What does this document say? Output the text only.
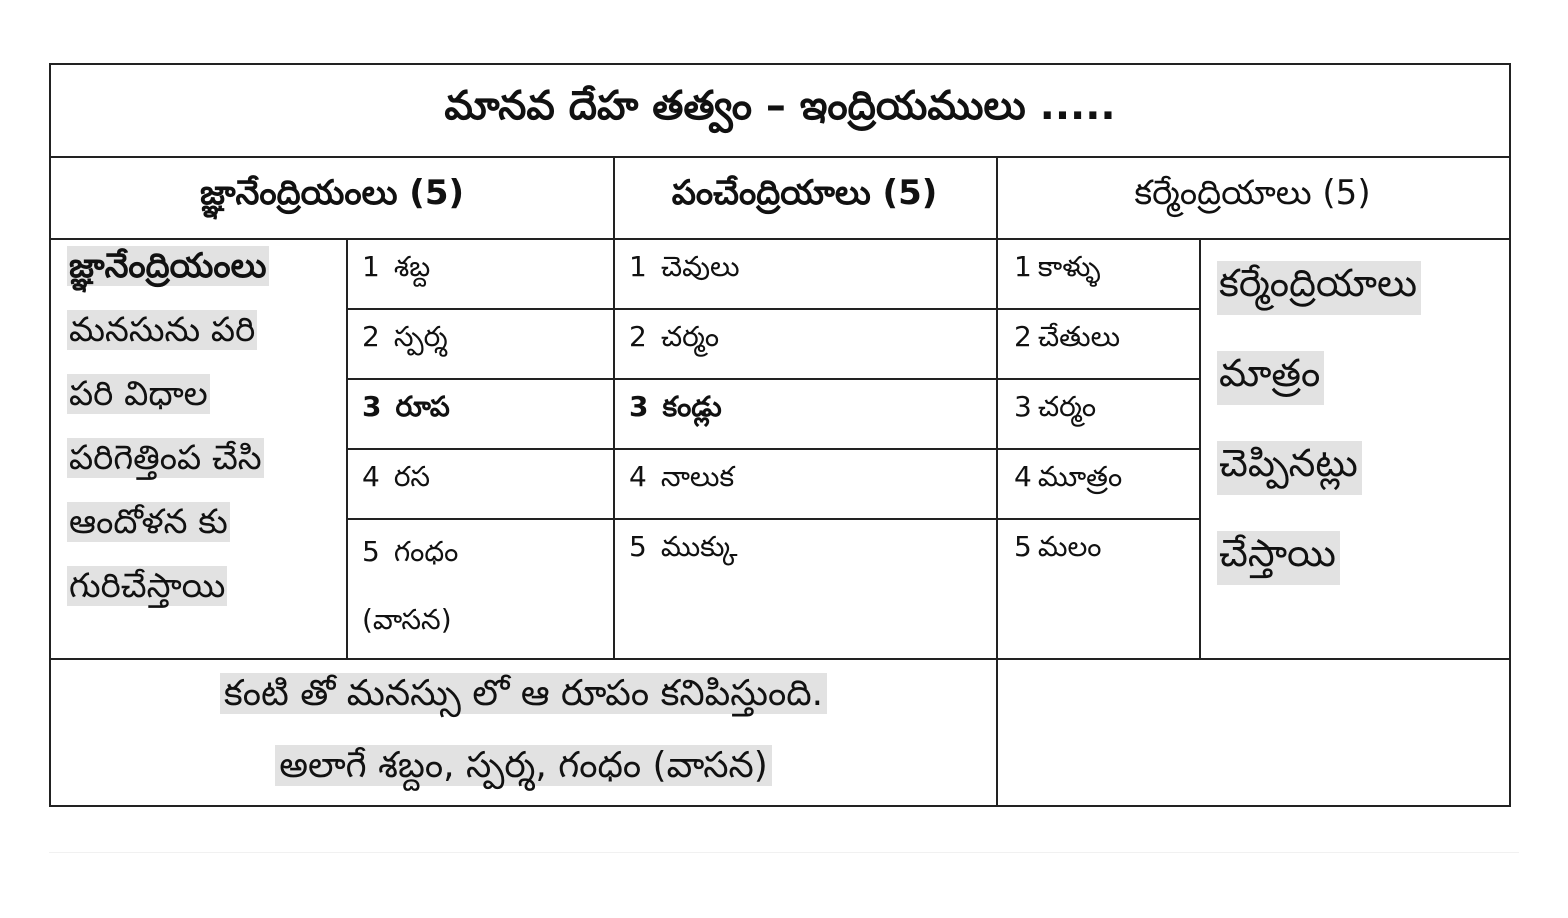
మానవ దేహ తత్వం – ఇంద్రియములు .....
జ్ఞానేంద్రియంలు (5)	పంచేంద్రియాలు (5)	కర్మేంద్రియాలు (5)
జ్ఞానేంద్రియంలు
మనసును పరి
పరి విధాల
పరిగెత్తింప చేసి
ఆందోళన కు
గురిచేస్తాయి
1 శబ్ద
2 స్పర్శ
3 రూప
4 రస
5 గంధం
(వాసన)
1 చెవులు
2 చర్మం
3 కండ్లు
4 నాలుక
5 ముక్కు
1 కాళ్ళు
2 చేతులు
3 చర్మం
4 మూత్రం
5 మలం
కర్మేంద్రియాలు
మాత్రం
చెప్పినట్లు
చేస్తాయి
కంటి తో మనస్సు లో ఆ రూపం కనిపిస్తుంది.
అలాగే శబ్దం, స్పర్శ, గంధం (వాసన)
